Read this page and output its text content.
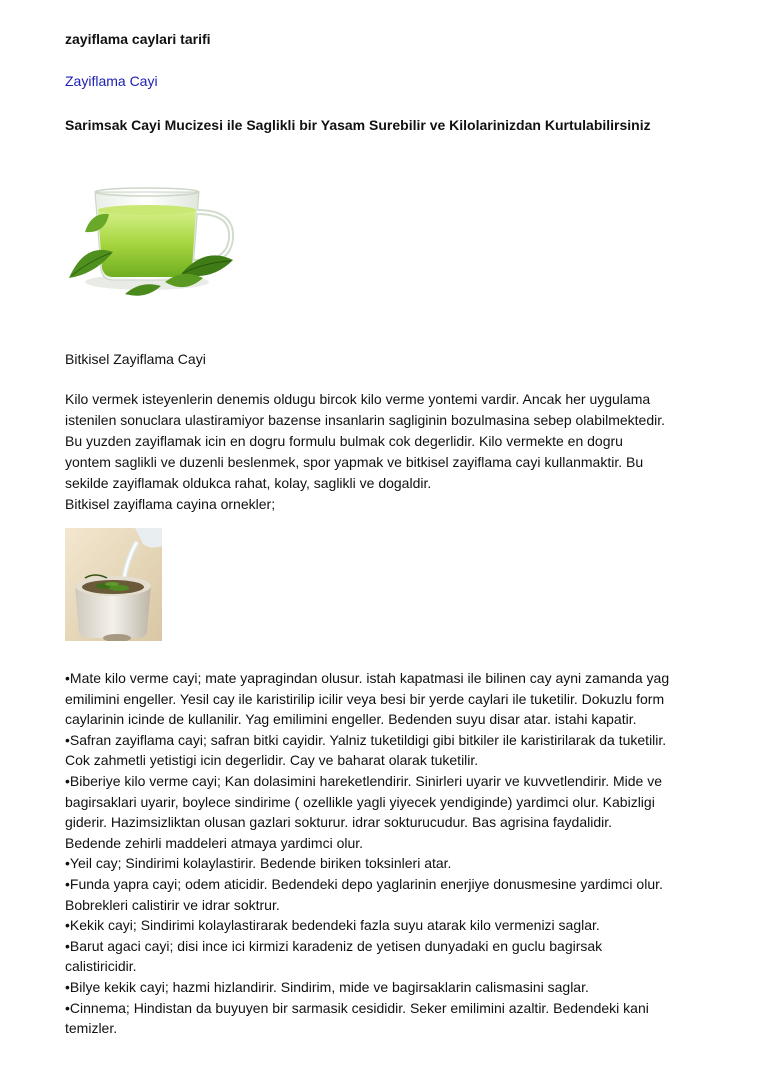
zayiflama caylari tarifi
Zayiflama Cayi
Sarimsak Cayi Mucizesi ile Saglikli bir Yasam Surebilir ve Kilolarinizdan Kurtulabilirsiniz
Bitkisel Zayiflama Cayi
Kilo vermek isteyenlerin denemis oldugu bircok kilo verme yontemi vardir. Ancak her uygulama
istenilen sonuclara ulastiramiyor bazense insanlarin sagliginin bozulmasina sebep olabilmektedir.
Bu yuzden zayiflamak icin en dogru formulu bulmak cok degerlidir. Kilo vermekte en dogru
yontem saglikli ve duzenli beslenmek, spor yapmak ve bitkisel zayiflama cayi kullanmaktir. Bu
sekilde zayiflamak oldukca rahat, kolay, saglikli ve dogaldir.
Bitkisel zayiflama cayina ornekler;
•Mate kilo verme cayi; mate yapragindan olusur. istah kapatmasi ile bilinen cay ayni zamanda yag
emilimini engeller. Yesil cay ile karistirilip icilir veya besi bir yerde caylari ile tuketilir. Dokuzlu form
caylarinin icinde de kullanilir. Yag emilimini engeller. Bedenden suyu disar atar. istahi kapatir.
•Safran zayiflama cayi; safran bitki cayidir. Yalniz tuketildigi gibi bitkiler ile karistirilarak da tuketilir.
Cok zahmetli yetistigi icin degerlidir. Cay ve baharat olarak tuketilir.
•Biberiye kilo verme cayi; Kan dolasimini hareketlendirir. Sinirleri uyarir ve kuvvetlendirir. Mide ve
bagirsaklari uyarir, boylece sindirime ( ozellikle yagli yiyecek yendiginde) yardimci olur. Kabizligi
giderir. Hazimsizliktan olusan gazlari sokturur. idrar sokturucudur. Bas agrisina faydalidir.
Bedende zehirli maddeleri atmaya yardimci olur.
•Yeil cay; Sindirimi kolaylastirir. Bedende biriken toksinleri atar.
•Funda yapra cayi; odem aticidir. Bedendeki depo yaglarinin enerjiye donusmesine yardimci olur.
Bobrekleri calistirir ve idrar soktrur.
•Kekik cayi; Sindirimi kolaylastirarak bedendeki fazla suyu atarak kilo vermenizi saglar.
•Barut agaci cayi; disi ince ici kirmizi karadeniz de yetisen dunyadaki en guclu bagirsak
calistiricidir.
•Bilye kekik cayi; hazmi hizlandirir. Sindirim, mide ve bagirsaklarin calismasini saglar.
•Cinnema; Hindistan da buyuyen bir sarmasik cesididir. Seker emilimini azaltir. Bedendeki kani
temizler.
